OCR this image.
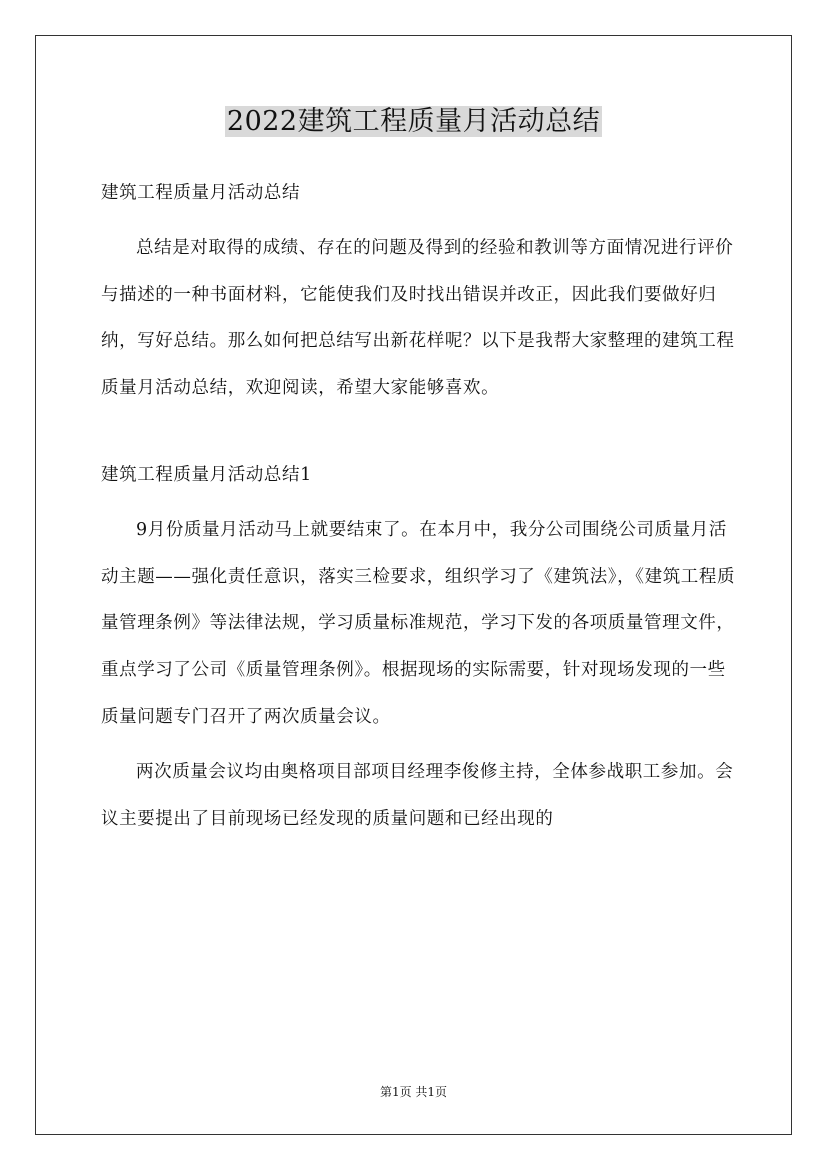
2022建筑工程质量月活动总结

建筑工程质量月活动总结

总结是对取得的成绩、存在的问题及得到的经验和教训等方面情况进行评价与描述的一种书面材料，它能使我们及时找出错误并改正，因此我们要做好归纳，写好总结。那么如何把总结写出新花样呢？以下是我帮大家整理的建筑工程质量月活动总结，欢迎阅读，希望大家能够喜欢。

建筑工程质量月活动总结1

9月份质量月活动马上就要结束了。在本月中，我分公司围绕公司质量月活动主题——强化责任意识，落实三检要求，组织学习了《建筑法》，《建筑工程质量管理条例》等法律法规，学习质量标准规范，学习下发的各项质量管理文件，重点学习了公司《质量管理条例》。根据现场的实际需要，针对现场发现的一些质量问题专门召开了两次质量会议。

两次质量会议均由奥格项目部项目经理李俊修主持，全体参战职工参加。会议主要提出了目前现场已经发现的质量问题和已经出现的

第1页 共1页
